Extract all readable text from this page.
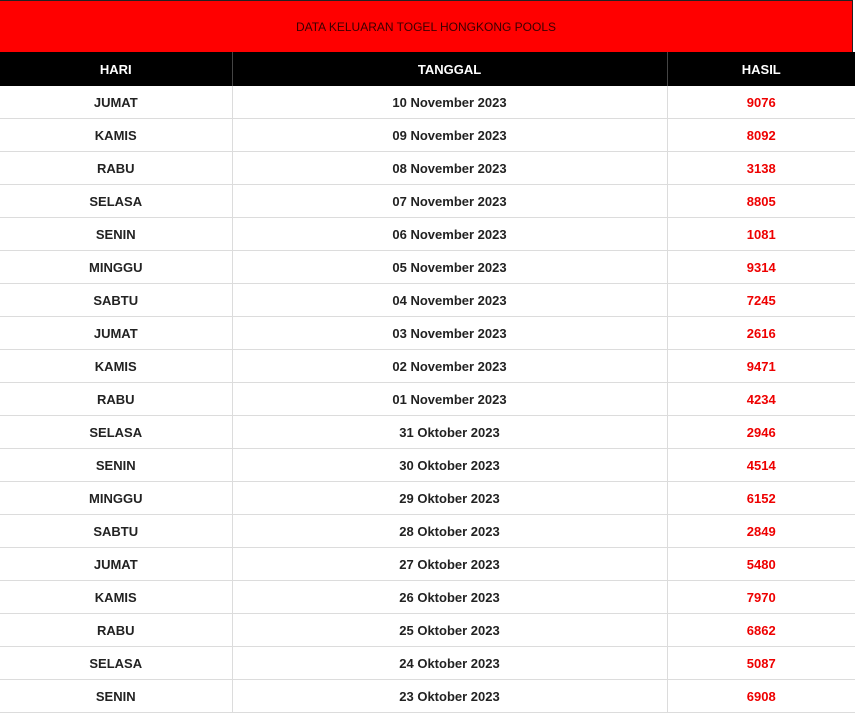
DATA KELUARAN TOGEL HONGKONG POOLS
HARI	TANGGAL	HASIL
JUMAT	10 November 2023	9076
KAMIS	09 November 2023	8092
RABU	08 November 2023	3138
SELASA	07 November 2023	8805
SENIN	06 November 2023	1081
MINGGU	05 November 2023	9314
SABTU	04 November 2023	7245
JUMAT	03 November 2023	2616
KAMIS	02 November 2023	9471
RABU	01 November 2023	4234
SELASA	31 Oktober 2023	2946
SENIN	30 Oktober 2023	4514
MINGGU	29 Oktober 2023	6152
SABTU	28 Oktober 2023	2849
JUMAT	27 Oktober 2023	5480
KAMIS	26 Oktober 2023	7970
RABU	25 Oktober 2023	6862
SELASA	24 Oktober 2023	5087
SENIN	23 Oktober 2023	6908
